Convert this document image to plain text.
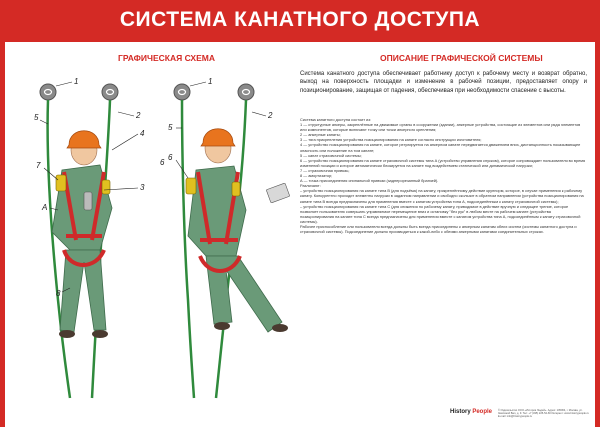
СИСТЕМА КАНАТНОГО ДОСТУПА
ГРАФИЧЕСКАЯ СХЕМА	ОПИСАНИЕ ГРАФИЧЕСКОЙ СИСТЕМЫ
1
2
3
4
5
6
7
8
A
1
2
5
6
Система канатного доступа обеспечивает работнику доступ к рабочему месту и возврат обратно, выход на поверхность площадки и изменение в рабочей позиции, предоставляет опору и позиционирование, защищая от падения, обеспечивая при необходимости спасение с высоты.
Система канатного доступа состоит из:
1 — структурные анкеры, закреплённые на движимые органы в сооружении (здании), анкерные устройства, состоящие из элементов или ряда элементов или компонентов, которые включают точку или точки анкерного крепления;
2 — анкерные канаты;
3 — тяга прикрепления устройства позиционирования на канате согласно инструкции изготовителя;
4 — устройство позиционирования на канате, которое регулируется на анкерном канате передвигается движением вниз, дистанционность показывающее опасность или положение на том канате;
5 — канат страховочной системы;
6 — устройство позиционирования на канате страховочной системы типа А (устройство управления спуском), которое сопровождает пользователя во время изменений позиции и которое автоматически блокируется на канате под воздействием статической или динамической нагрузки;
7 — страховочная привязь;
8 — амортизатор;
А — точка присоединения спинальной привязи (заднерорезанный бранзей).
Различают:
– устройство позиционирования на канате типа В (для подъёма) на канату, прикреплённому действие крупнорм, которое, в случае применения к рабочему канату. Конкурентно проходит элементы нагрузки в заданном направлении и свободно скользит в обратном направлении (устройства позиционирования на канате типа В всегда предназначены для применения вместе с канатом устройства типа А, подсоединённым к канату страховочной системы);
– устройство позиционирования на канате типа С (для снижения по рабочему канату, приводимое в действие вручную и следящее трение, которое позволяет пользователю совершать управляемое перемещение вниз и остановку "без рук" в любом месте на рабочем канате (устройства позиционирования на канате типа С всегда предназначены для применения вместе с канатом устройства типа А, подсоединённым к канату страховочной системы).
Рабочее приспособление или пользователя всегда должны быть всегда присоединены к анкерным канатам обеих систем (системы канатного доступа и страховочной системы). Подсоединение должно производиться к какой-либо с обеими анкерными канатами соединительных строках.
History People © Издательство ООО «История Людей». Адрес: 105064, г. Москва, ул. Земляной Вал, д. 9. Тел: +7 (495) 225-54-60 Интернет: www.historypeople.ru E-mail: info@historypeople.ru
